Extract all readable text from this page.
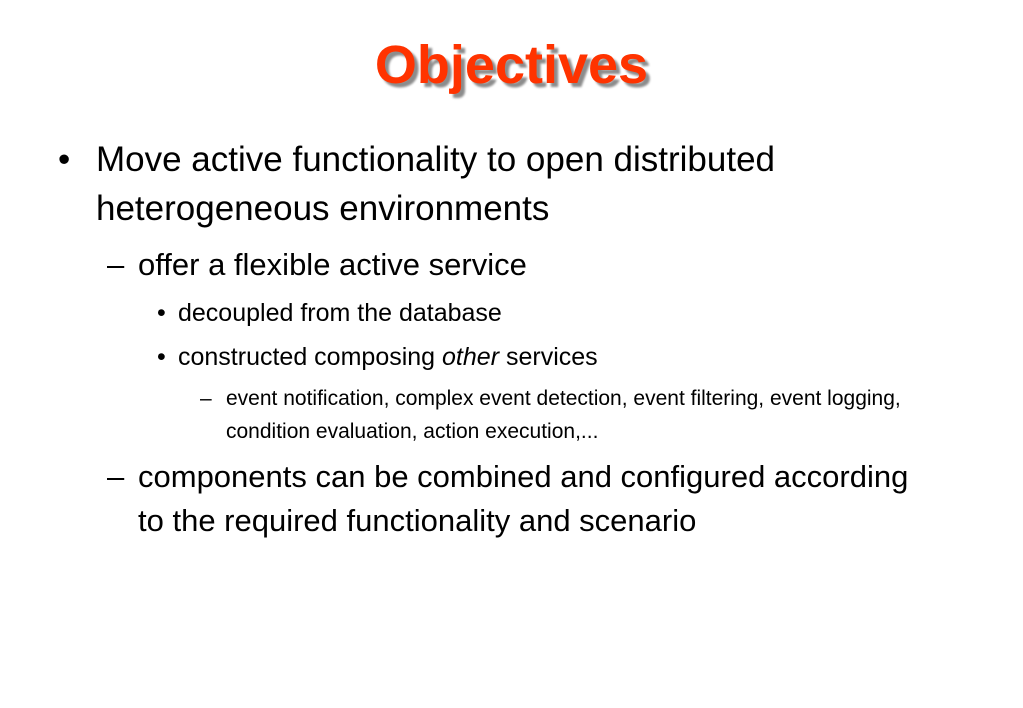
Objectives
• Move active functionality to open distributed heterogeneous environments
– offer a flexible active service
• decoupled from the database
• constructed composing other services
– event notification, complex event detection, event filtering, event logging, condition evaluation, action execution,...
– components can be combined and configured according to the required functionality and scenario
